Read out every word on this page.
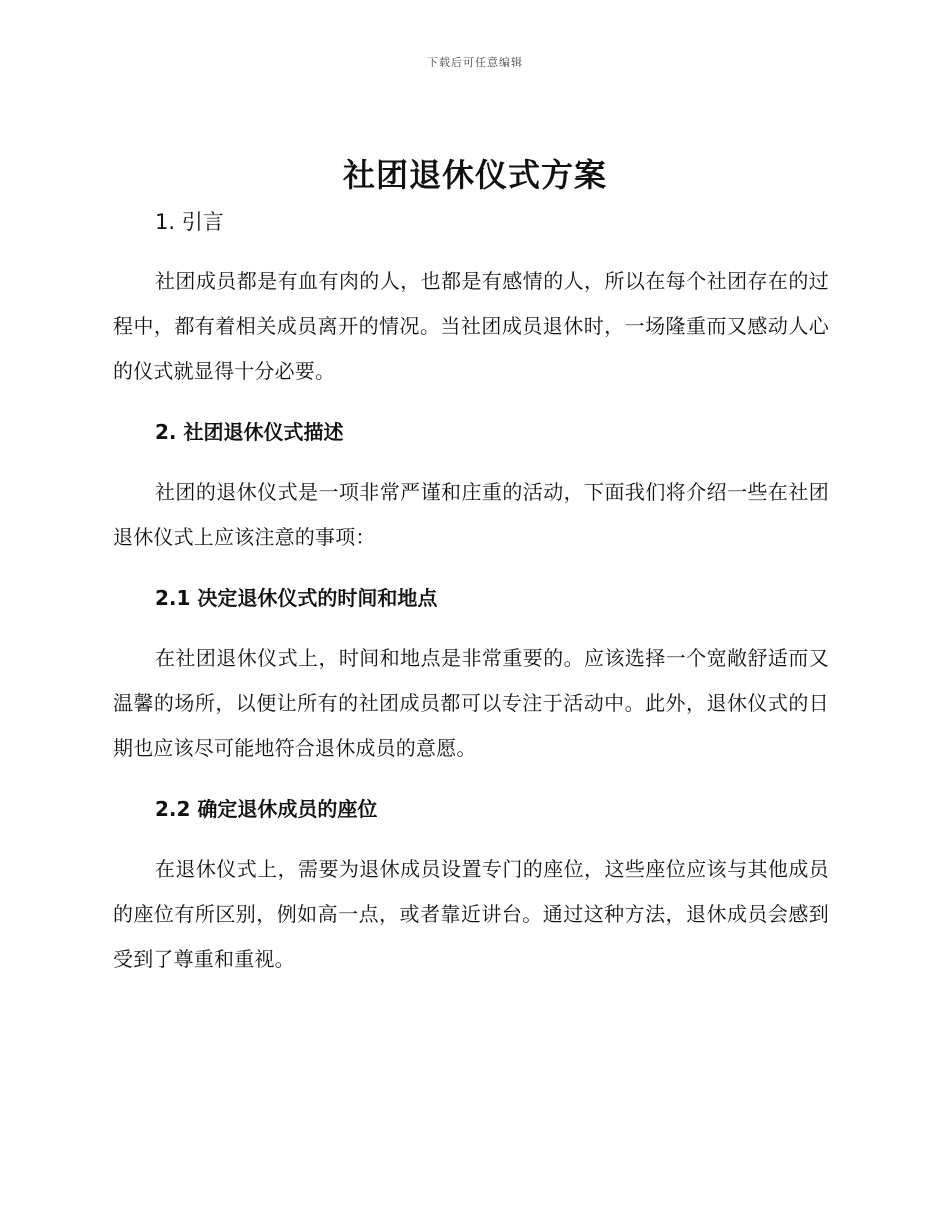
下载后可任意编辑
社团退休仪式方案
1. 引言

社团成员都是有血有肉的人，也都是有感情的人，所以在每个社团存在的过程中，都有着相关成员离开的情况。当社团成员退休时，一场隆重而又感动人心的仪式就显得十分必要。

2. 社团退休仪式描述

社团的退休仪式是一项非常严谨和庄重的活动，下面我们将介绍一些在社团退休仪式上应该注意的事项：

2.1 决定退休仪式的时间和地点

在社团退休仪式上，时间和地点是非常重要的。应该选择一个宽敞舒适而又温馨的场所，以便让所有的社团成员都可以专注于活动中。此外，退休仪式的日期也应该尽可能地符合退休成员的意愿。

2.2 确定退休成员的座位

在退休仪式上，需要为退休成员设置专门的座位，这些座位应该与其他成员的座位有所区别，例如高一点，或者靠近讲台。通过这种方法，退休成员会感到受到了尊重和重视。
